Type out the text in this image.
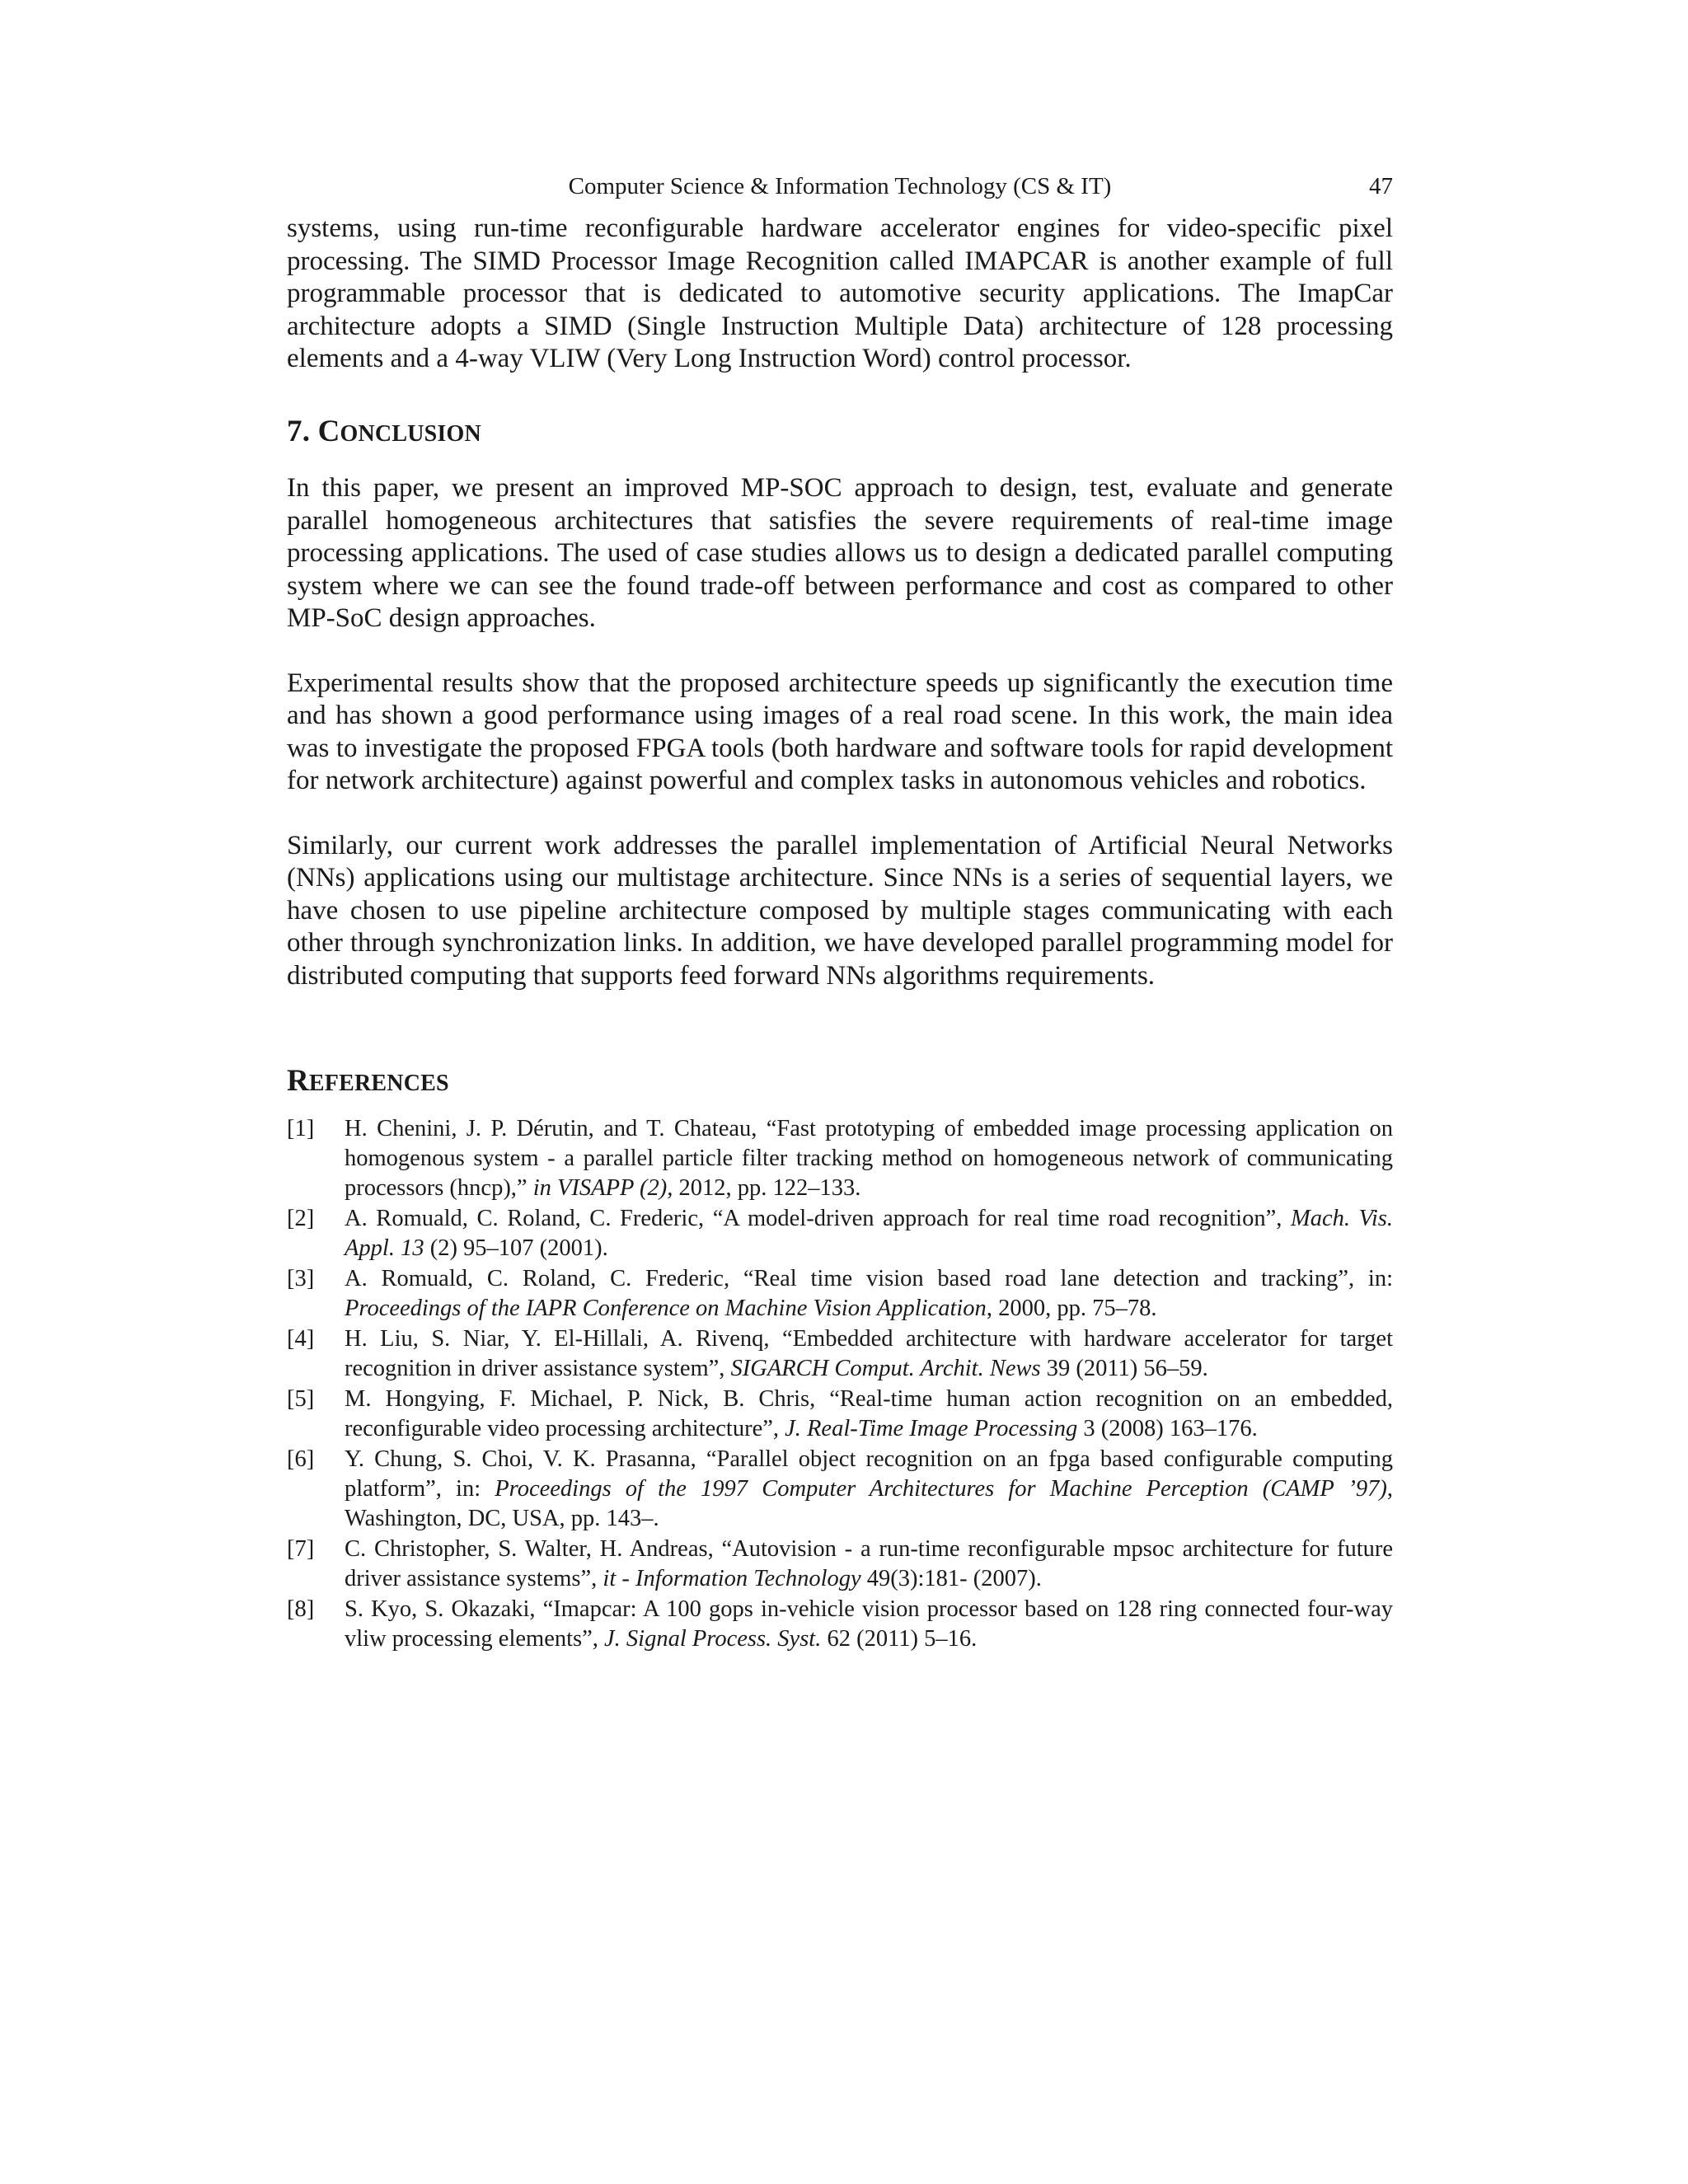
Computer Science & Information Technology (CS & IT)	47

systems, using run-time reconfigurable hardware accelerator engines for video-specific pixel processing. The SIMD Processor Image Recognition called IMAPCAR is another example of full programmable processor that is dedicated to automotive security applications. The ImapCar architecture adopts a SIMD (Single Instruction Multiple Data) architecture of 128 processing elements and a 4-way VLIW (Very Long Instruction Word) control processor.

7. CONCLUSION

In this paper, we present an improved MP-SOC approach to design, test, evaluate and generate parallel homogeneous architectures that satisfies the severe requirements of real-time image processing applications. The used of case studies allows us to design a dedicated parallel computing system where we can see the found trade-off between performance and cost as compared to other MP-SoC design approaches.

Experimental results show that the proposed architecture speeds up significantly the execution time and has shown a good performance using images of a real road scene. In this work, the main idea was to investigate the proposed FPGA tools (both hardware and software tools for rapid development for network architecture) against powerful and complex tasks in autonomous vehicles and robotics.

Similarly, our current work addresses the parallel implementation of Artificial Neural Networks (NNs) applications using our multistage architecture. Since NNs is a series of sequential layers, we have chosen to use pipeline architecture composed by multiple stages communicating with each other through synchronization links. In addition, we have developed parallel programming model for distributed computing that supports feed forward NNs algorithms requirements.

REFERENCES
[1] H. Chenini, J. P. Dérutin, and T. Chateau, “Fast prototyping of embedded image processing application on homogenous system - a parallel particle filter tracking method on homogeneous network of communicating processors (hncp),” in VISAPP (2), 2012, pp. 122–133.
[2] A. Romuald, C. Roland, C. Frederic, “A model-driven approach for real time road recognition”, Mach. Vis. Appl. 13 (2) 95–107 (2001).
[3] A. Romuald, C. Roland, C. Frederic, “Real time vision based road lane detection and tracking”, in: Proceedings of the IAPR Conference on Machine Vision Application, 2000, pp. 75–78.
[4] H. Liu, S. Niar, Y. El-Hillali, A. Rivenq, “Embedded architecture with hardware accelerator for target recognition in driver assistance system”, SIGARCH Comput. Archit. News 39 (2011) 56–59.
[5] M. Hongying, F. Michael, P. Nick, B. Chris, “Real-time human action recognition on an embedded, reconfigurable video processing architecture”, J. Real-Time Image Processing 3 (2008) 163–176.
[6] Y. Chung, S. Choi, V. K. Prasanna, “Parallel object recognition on an fpga based configurable computing platform”, in: Proceedings of the 1997 Computer Architectures for Machine Perception (CAMP ’97), Washington, DC, USA, pp. 143–.
[7] C. Christopher, S. Walter, H. Andreas, “Autovision - a run-time reconfigurable mpsoc architecture for future driver assistance systems”, it - Information Technology 49(3):181- (2007).
[8] S. Kyo, S. Okazaki, “Imapcar: A 100 gops in-vehicle vision processor based on 128 ring connected four-way vliw processing elements”, J. Signal Process. Syst. 62 (2011) 5–16.
